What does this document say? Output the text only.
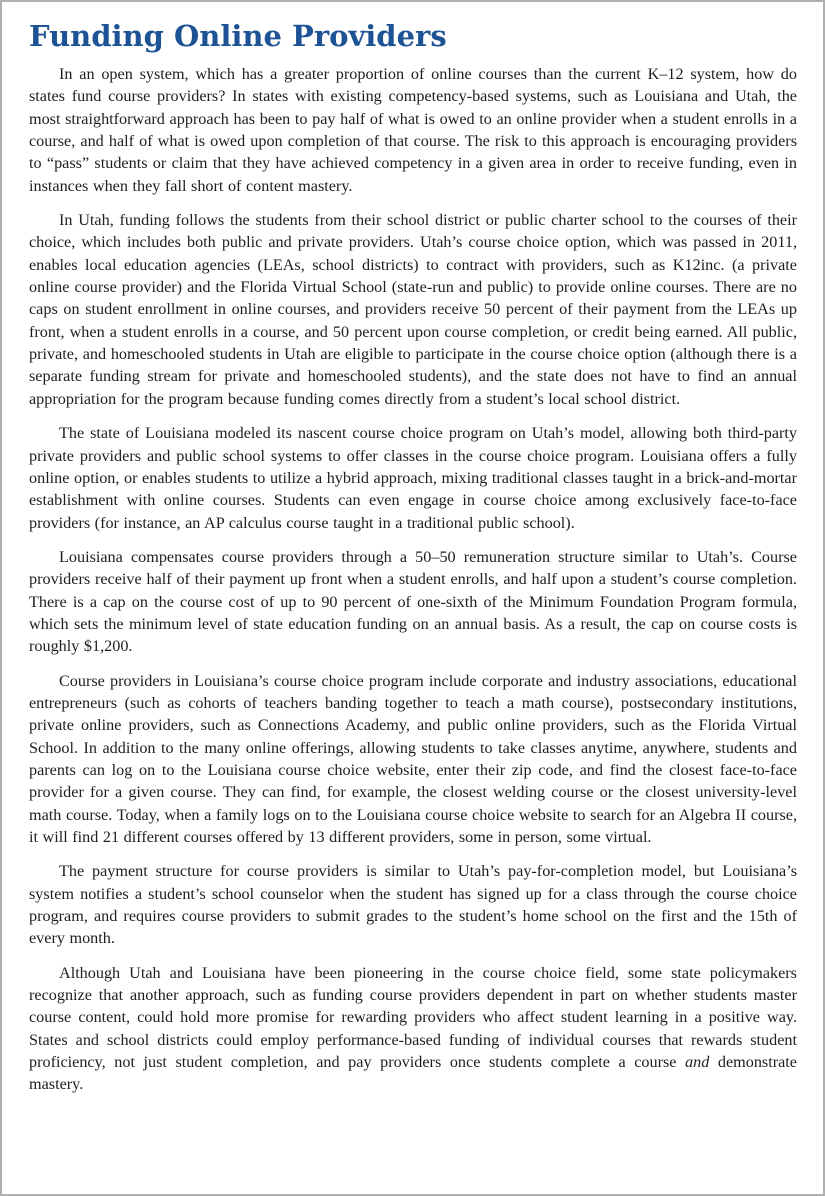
Funding Online Providers

In an open system, which has a greater proportion of online courses than the current K–12 system, how do states fund course providers? In states with existing competency-based systems, such as Louisiana and Utah, the most straightforward approach has been to pay half of what is owed to an online provider when a student enrolls in a course, and half of what is owed upon completion of that course. The risk to this approach is encouraging providers to “pass” students or claim that they have achieved competency in a given area in order to receive funding, even in instances when they fall short of content mastery.

In Utah, funding follows the students from their school district or public charter school to the courses of their choice, which includes both public and private providers. Utah’s course choice option, which was passed in 2011, enables local education agencies (LEAs, school districts) to contract with providers, such as K12inc. (a private online course provider) and the Florida Virtual School (state-run and public) to provide online courses. There are no caps on student enrollment in online courses, and providers receive 50 percent of their payment from the LEAs up front, when a student enrolls in a course, and 50 percent upon course completion, or credit being earned. All public, private, and homeschooled students in Utah are eligible to participate in the course choice option (although there is a separate funding stream for private and homeschooled students), and the state does not have to find an annual appropriation for the program because funding comes directly from a student’s local school district.

The state of Louisiana modeled its nascent course choice program on Utah’s model, allowing both third-party private providers and public school systems to offer classes in the course choice program. Louisiana offers a fully online option, or enables students to utilize a hybrid approach, mixing traditional classes taught in a brick-and-mortar establishment with online courses. Students can even engage in course choice among exclusively face-to-face providers (for instance, an AP calculus course taught in a traditional public school).

Louisiana compensates course providers through a 50–50 remuneration structure similar to Utah’s. Course providers receive half of their payment up front when a student enrolls, and half upon a student’s course completion. There is a cap on the course cost of up to 90 percent of one-sixth of the Minimum Foundation Program formula, which sets the minimum level of state education funding on an annual basis. As a result, the cap on course costs is roughly $1,200.

Course providers in Louisiana’s course choice program include corporate and industry associations, educational entrepreneurs (such as cohorts of teachers banding together to teach a math course), postsecondary institutions, private online providers, such as Connections Academy, and public online providers, such as the Florida Virtual School. In addition to the many online offerings, allowing students to take classes anytime, anywhere, students and parents can log on to the Louisiana course choice website, enter their zip code, and find the closest face-to-face provider for a given course. They can find, for example, the closest welding course or the closest university-level math course. Today, when a family logs on to the Louisiana course choice website to search for an Algebra II course, it will find 21 different courses offered by 13 different providers, some in person, some virtual.

The payment structure for course providers is similar to Utah’s pay-for-completion model, but Louisiana’s system notifies a student’s school counselor when the student has signed up for a class through the course choice program, and requires course providers to submit grades to the student’s home school on the first and the 15th of every month.

Although Utah and Louisiana have been pioneering in the course choice field, some state policymakers recognize that another approach, such as funding course providers dependent in part on whether students master course content, could hold more promise for rewarding providers who affect student learning in a positive way. States and school districts could employ performance-based funding of individual courses that rewards student proficiency, not just student completion, and pay providers once students complete a course and demonstrate mastery.
